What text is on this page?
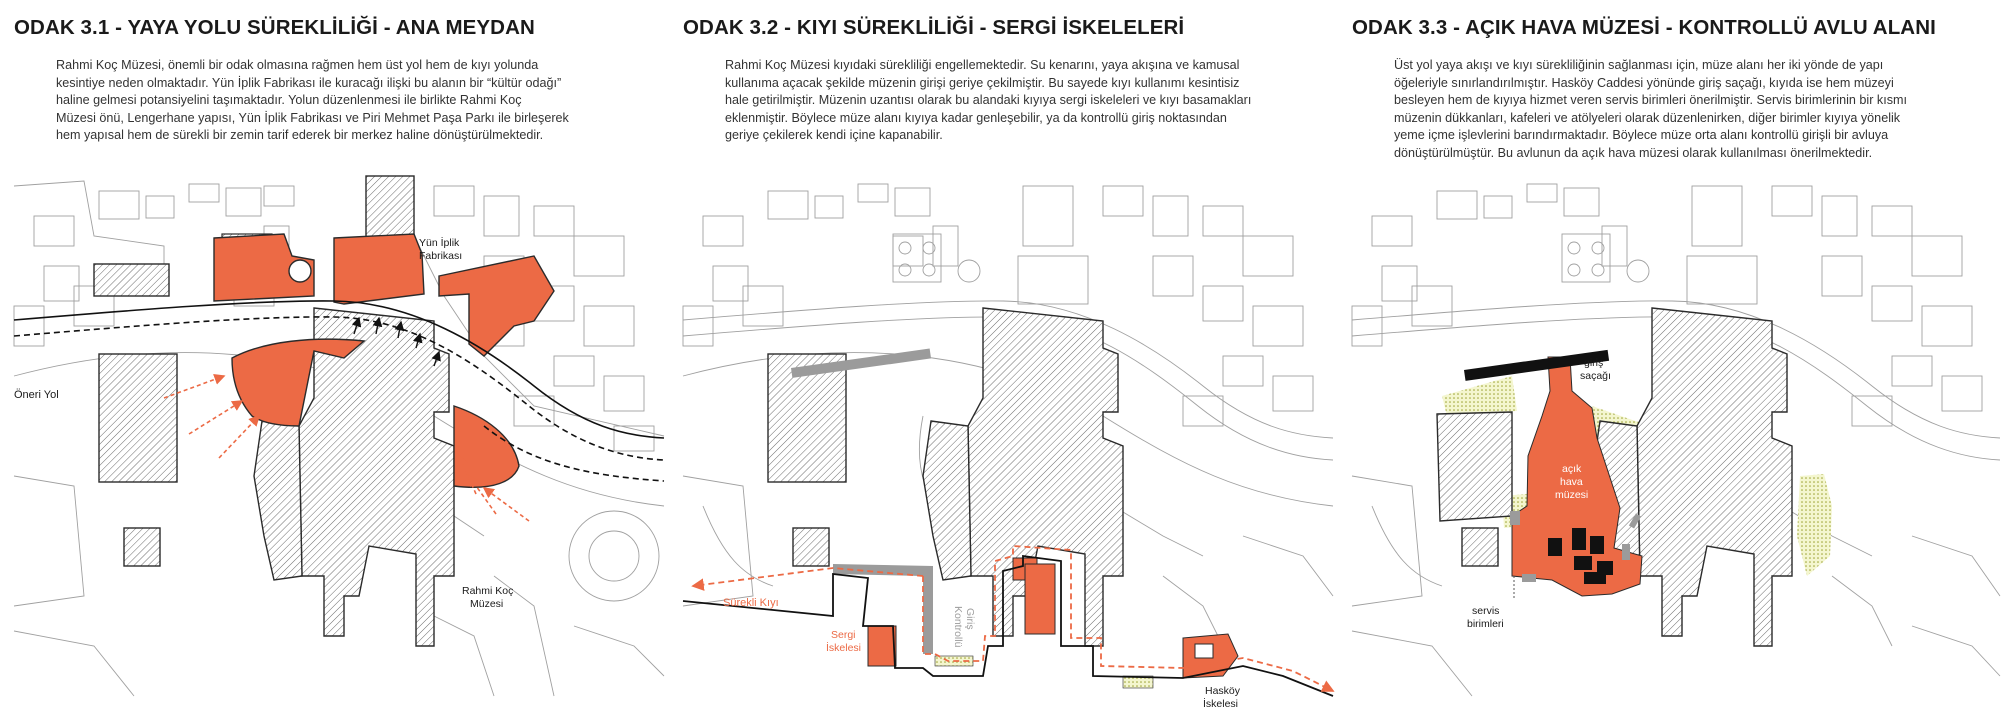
ODAK 3.1 - YAYA YOLU SÜREKLİLİĞİ - ANA MEYDAN
Rahmi Koç Müzesi, önemli bir odak olmasına rağmen hem üst yol hem de kıyı yolunda
kesintiye neden olmaktadır. Yün İplik Fabrikası ile kuracağı ilişki bu alanın bir “kültür odağı”
haline gelmesi potansiyelini taşımaktadır. Yolun düzenlenmesi ile birlikte Rahmi Koç
Müzesi önü, Lengerhane yapısı, Yün İplik Fabrikası ve Piri Mehmet Paşa Parkı ile birleşerek
hem yapısal hem de sürekli bir zemin tarif ederek bir merkez haline dönüştürülmektedir.
Yün İplik
Fabrikası
Öneri Yol
Rahmi Koç
Müzesi
ODAK 3.2 - KIYI SÜREKLİLİĞİ - SERGİ İSKELELERİ
Rahmi Koç Müzesi kıyıdaki sürekliliği engellemektedir. Su kenarını, yaya akışına ve kamusal
kullanıma açacak şekilde müzenin girişi geriye çekilmiştir. Bu sayede kıyı kullanımı kesintisiz
hale getirilmiştir. Müzenin uzantısı olarak bu alandaki kıyıya sergi iskeleleri ve kıyı basamakları
eklenmiştir. Böylece müze alanı kıyıya kadar genleşebilir, ya da kontrollü giriş noktasından
geriye çekilerek kendi içine kapanabilir.
Sürekli Kıyı
Sergi
İskelesi
Kontrollü Giriş
Hasköy
İskelesi
ODAK 3.3 - AÇIK HAVA MÜZESİ - KONTROLLÜ AVLU ALANI
Üst yol yaya akışı ve kıyı sürekliliğinin sağlanması için, müze alanı her iki yönde de yapı
öğeleriyle sınırlandırılmıştır. Hasköy Caddesi yönünde giriş saçağı, kıyıda ise hem müzeyi
besleyen hem de kıyıya hizmet veren servis birimleri önerilmiştir. Servis birimlerinin bir kısmı
müzenin dükkanları, kafeleri ve atölyeleri olarak düzenlenirken, diğer birimler kıyıya yönelik
yeme içme işlevlerini barındırmaktadır. Böylece müze orta alanı kontrollü girişli bir avluya
dönüştürülmüştür. Bu avlunun da açık hava müzesi olarak kullanılması önerilmektedir.
giriş
saçağı
açık
hava
müzesi
servis
birimleri
